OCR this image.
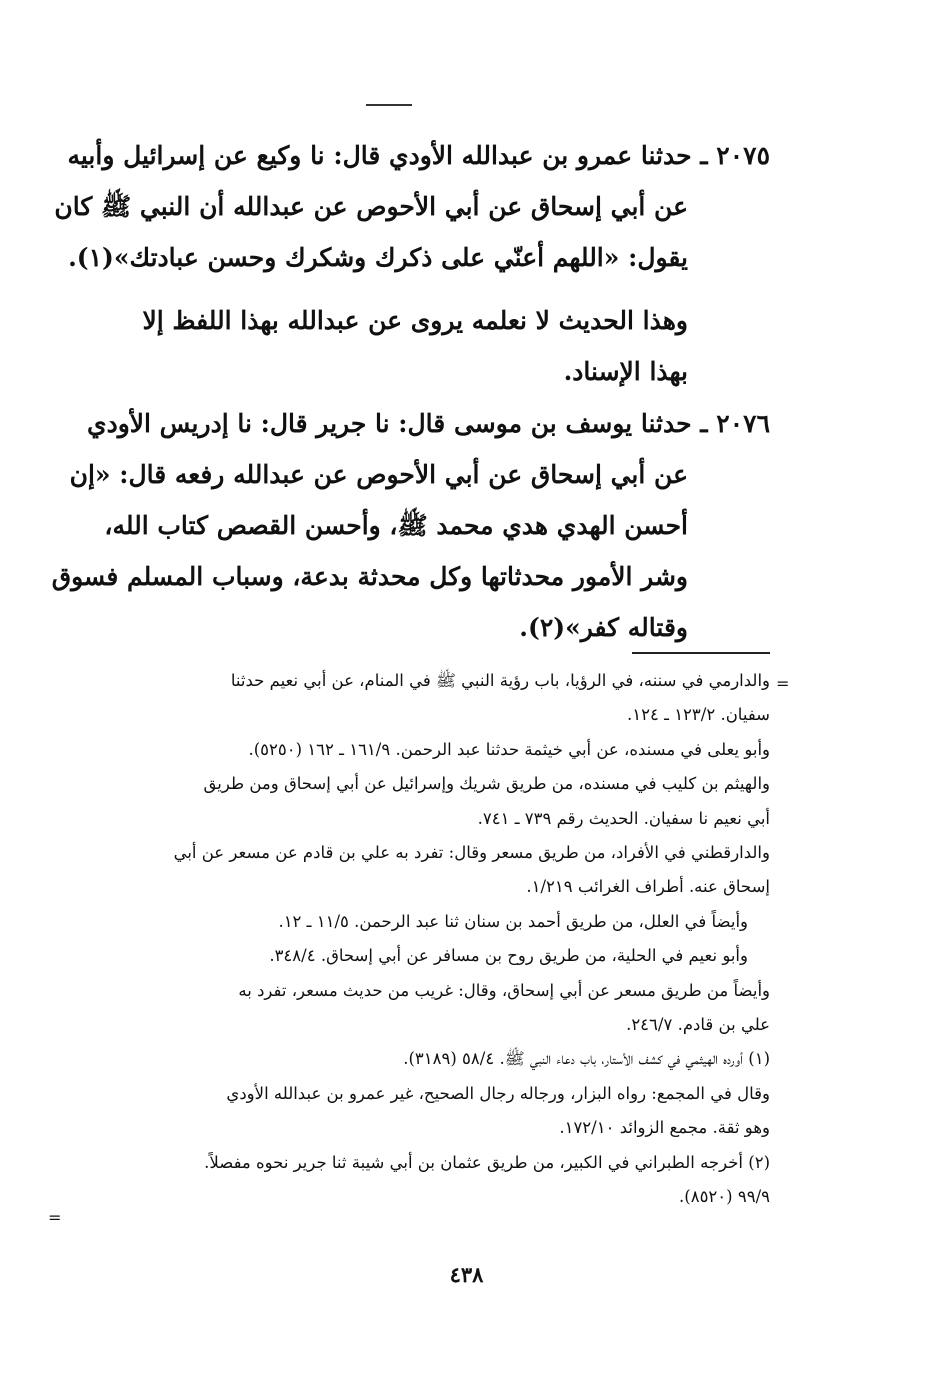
٢٠٧٥ ـ حدثنا عمرو بن عبدالله الأودي قال: نا وكيع عن إسرائيل وأبيه
عن أبي إسحاق عن أبي الأحوص عن عبدالله أن النبي ﷺ كان
يقول: «اللهم أعنّي على ذكرك وشكرك وحسن عبادتك»(١).

وهذا الحديث لا نعلمه يروى عن عبدالله بهذا اللفظ إلا
بهذا الإسناد.

٢٠٧٦ ـ حدثنا يوسف بن موسى قال: نا جرير قال: نا إدريس الأودي
عن أبي إسحاق عن أبي الأحوص عن عبدالله رفعه قال: «إن
أحسن الهدي هدي محمد ﷺ، وأحسن القصص كتاب الله،
وشر الأمور محدثاتها وكل محدثة بدعة، وسباب المسلم فسوق
وقتاله كفر»(٢).

=
والدارمي في سننه، في الرؤيا، باب رؤية النبي ﷺ في المنام، عن أبي نعيم حدثنا
سفيان. ١٢٣/٢ ـ ١٢٤.
وأبو يعلى في مسنده، عن أبي خيثمة حدثنا عبد الرحمن. ١٦١/٩ ـ ١٦٢ (٥٢٥٠).
والهيثم بن كليب في مسنده، من طريق شريك وإسرائيل عن أبي إسحاق ومن طريق
أبي نعيم نا سفيان. الحديث رقم ٧٣٩ ـ ٧٤١.
والدارقطني في الأفراد، من طريق مسعر وقال: تفرد به علي بن قادم عن مسعر عن أبي
إسحاق عنه. أطراف الغرائب ١/٢١٩.
وأيضاً في العلل، من طريق أحمد بن سنان ثنا عبد الرحمن. ١١/٥ ـ ١٢.
وأبو نعيم في الحلية، من طريق روح بن مسافر عن أبي إسحاق. ٣٤٨/٤.
وأيضاً من طريق مسعر عن أبي إسحاق، وقال: غريب من حديث مسعر، تفرد به
علي بن قادم. ٢٤٦/٧.
(١) أورده الهيثمي في كشف الأستار، باب دعاء النبي ﷺ. ٥٨/٤ (٣١٨٩).
وقال في المجمع: رواه البزار، ورجاله رجال الصحيح، غير عمرو بن عبدالله الأودي
وهو ثقة. مجمع الزوائد ١٧٢/١٠.
(٢) أخرجه الطبراني في الكبير، من طريق عثمان بن أبي شيبة ثنا جرير نحوه مفصلاً.
٩٩/٩ (٨٥٢٠).
=
٤٣٨
